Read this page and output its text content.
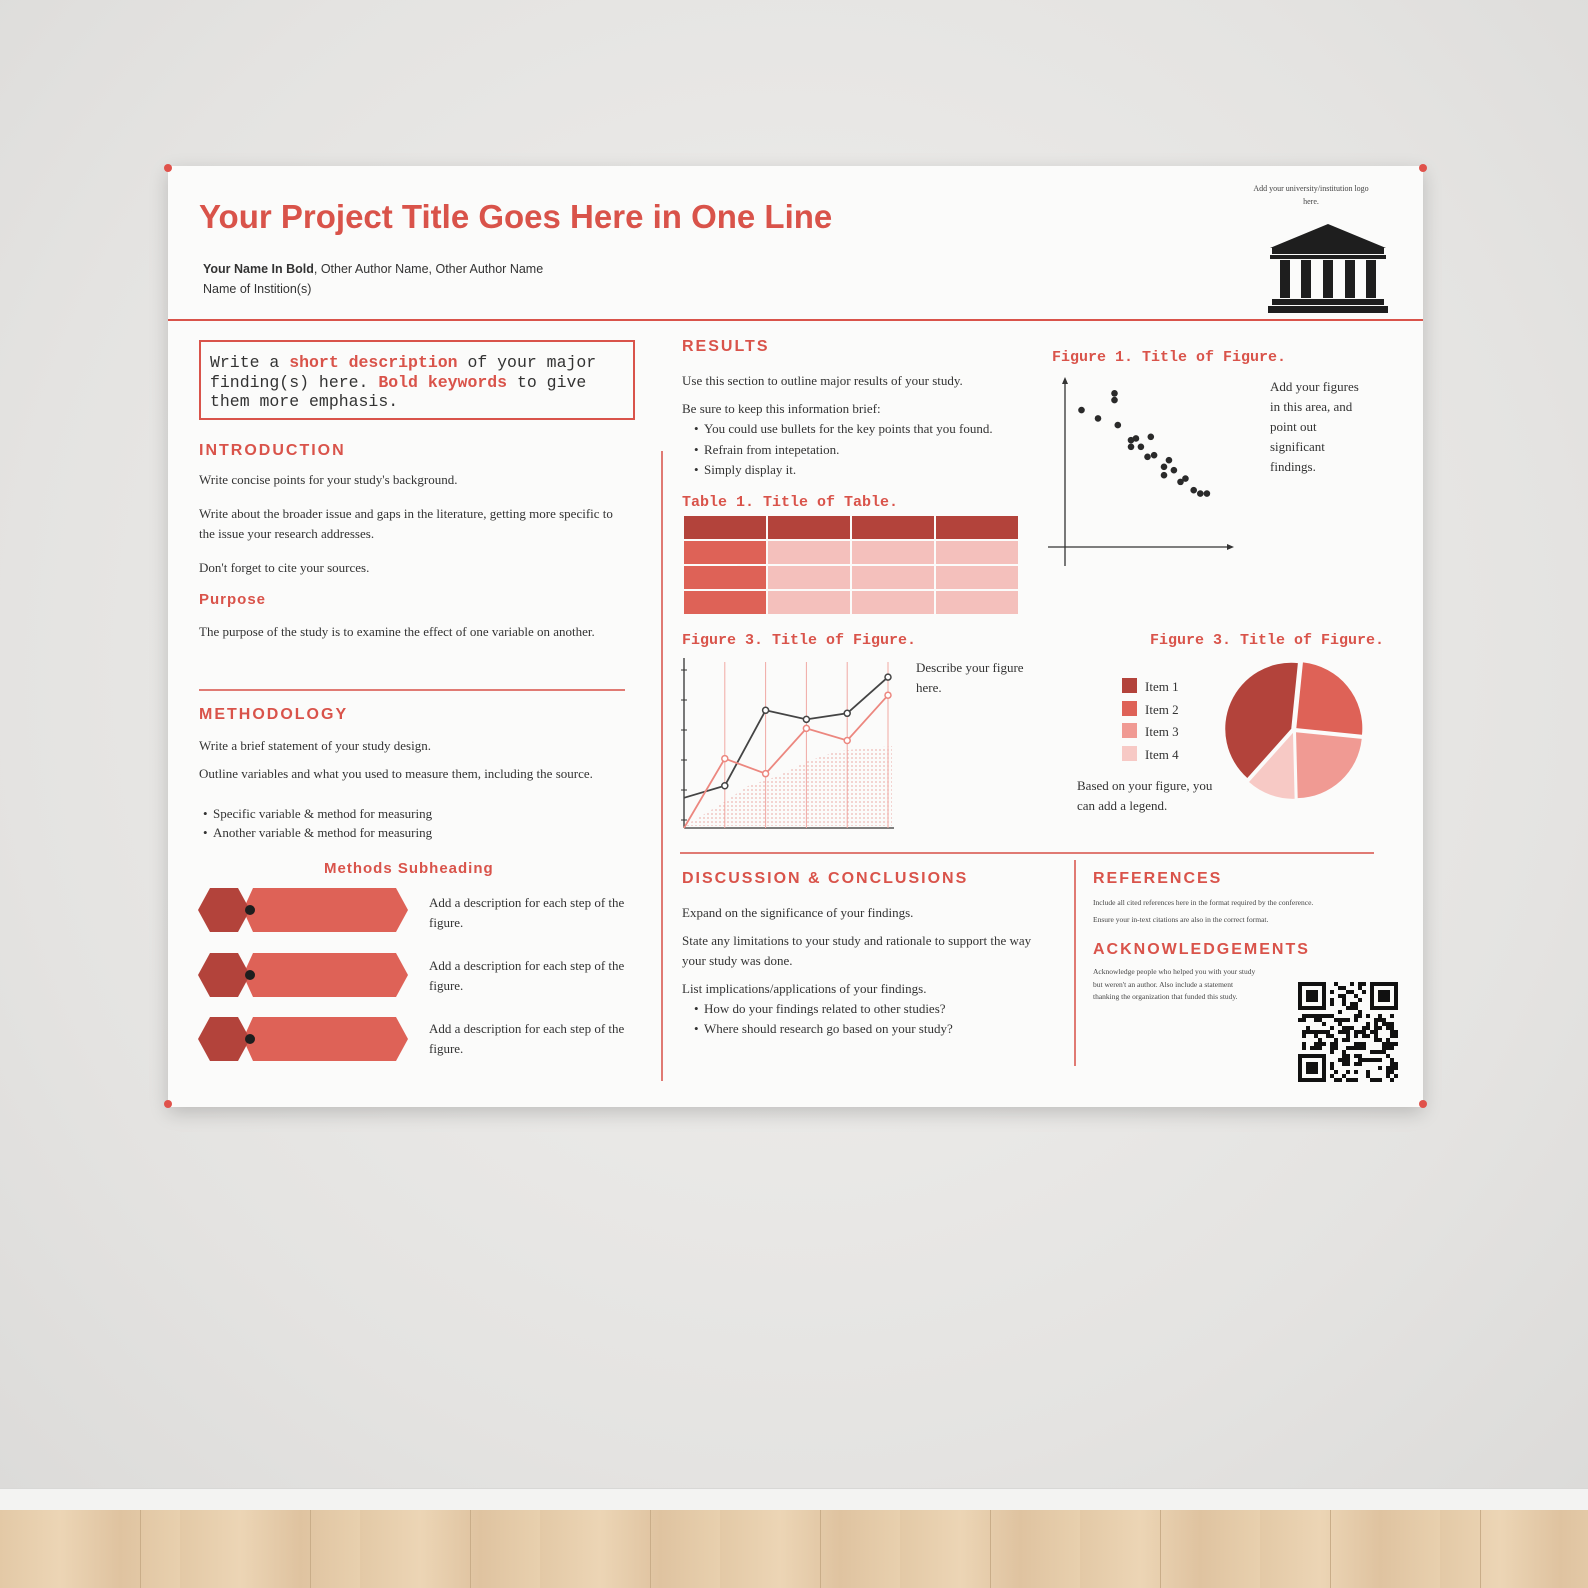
Your Project Title Goes Here in One Line
Your Name In Bold, Other Author Name, Other Author Name
Name of Instition(s)
Add your university/institution logo here.
Write a short description of your major finding(s) here. Bold keywords to give them more emphasis.
INTRODUCTION
Write concise points for your study's background.
Write about the broader issue and gaps in the literature, getting more specific to the issue your research addresses.
Don't forget to cite your sources.
Purpose
The purpose of the study is to examine the effect of one variable on another.
METHODOLOGY
Write a brief statement of your study design.
Outline variables and what you used to measure them, including the source.
• Specific variable & method for measuring
• Another variable & method for measuring
Methods Subheading
Add a description for each step of the figure.
Add a description for each step of the figure.
Add a description for each step of the figure.
RESULTS
Use this section to outline major results of your study.
Be sure to keep this information brief:
• You could use bullets for the key points that you found.
• Refrain from intepetation.
• Simply display it.
Table 1. Title of Table.

Figure 1. Title of Figure.
Add your figures in this area, and point out significant findings.
Figure 3. Title of Figure.
Describe your figure here.
Figure 3. Title of Figure.
Item 1
Item 2
Item 3
Item 4
Based on your figure, you can add a legend.
DISCUSSION & CONCLUSIONS
Expand on the significance of your findings.
State any limitations to your study and rationale to support the way your study was done.
List implications/applications of your findings.
• How do your findings related to other studies?
• Where should research go based on your study?
REFERENCES
Include all cited references here in the format required by the conference.
Ensure your in-text citations are also in the correct format.
ACKNOWLEDGEMENTS
Acknowledge people who helped you with your study but weren't an author. Also include a statement thanking the organization that funded this study.
